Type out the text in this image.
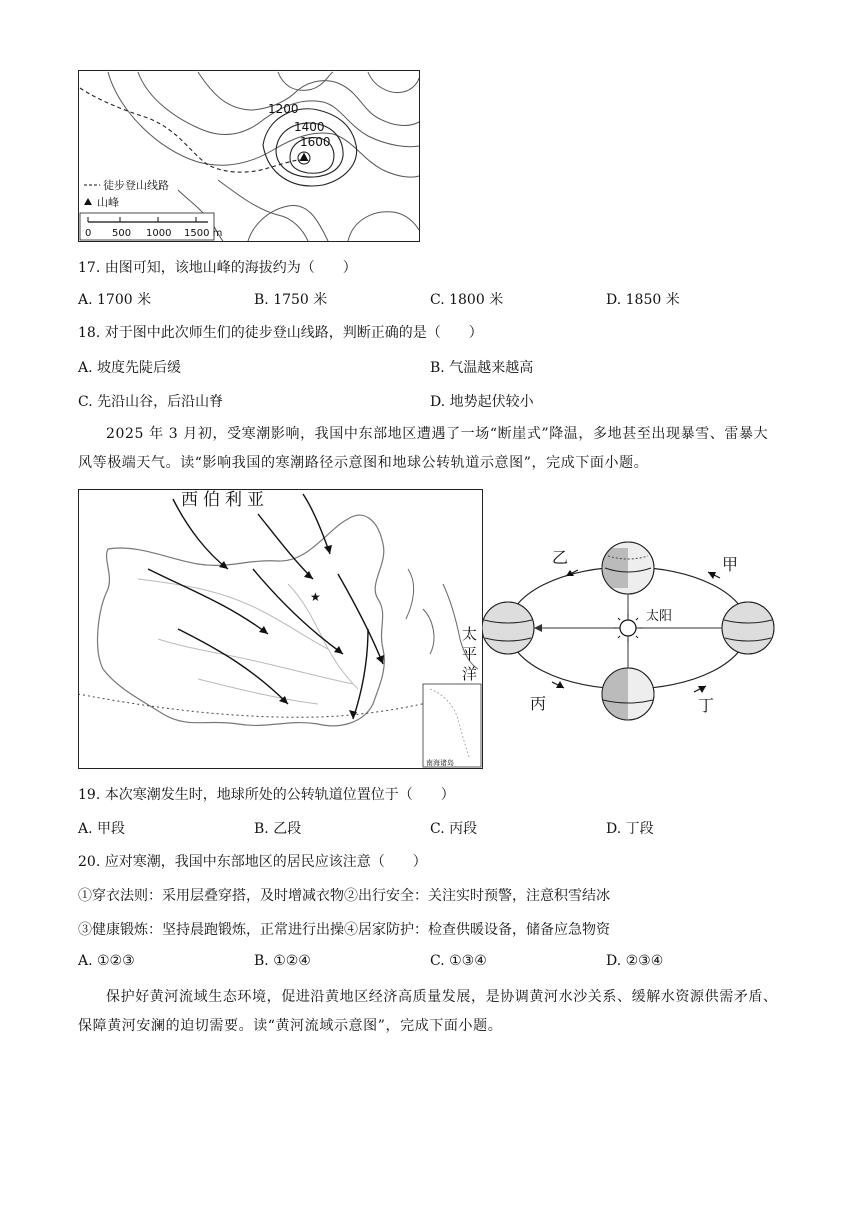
1200
1400
1600
徒步登山线路
山峰
0 500 1000 1500 m
17. 由图可知，该地山峰的海拔约为（　　）
A. 1700 米	B. 1750 米	C. 1800 米	D. 1850 米
18. 对于图中此次师生们的徒步登山线路，判断正确的是（　　）
A. 坡度先陡后缓	B. 气温越来越高
C. 先沿山谷，后沿山脊	D. 地势起伏较小
2025 年 3 月初，受寒潮影响，我国中东部地区遭遇了一场“断崖式”降温，多地甚至出现暴雪、雷暴大风等极端天气。读“影响我国的寒潮路径示意图和地球公转轨道示意图”，完成下面小题。
★
西伯利亚
太
平
洋
南海诸岛
太阳
甲
乙
丙	丁
19. 本次寒潮发生时，地球所处的公转轨道位置位于（　　）
A. 甲段	B. 乙段	C. 丙段	D. 丁段
20. 应对寒潮，我国中东部地区的居民应该注意（　　）
①穿衣法则：采用层叠穿搭，及时增减衣物②出行安全：关注实时预警，注意积雪结冰
③健康锻炼：坚持晨跑锻炼，正常进行出操④居家防护：检查供暖设备，储备应急物资
A. ①②③	B. ①②④	C. ①③④	D. ②③④
保护好黄河流域生态环境，促进沿黄地区经济高质量发展，是协调黄河水沙关系、缓解水资源供需矛盾、保障黄河安澜的迫切需要。读“黄河流域示意图”，完成下面小题。
